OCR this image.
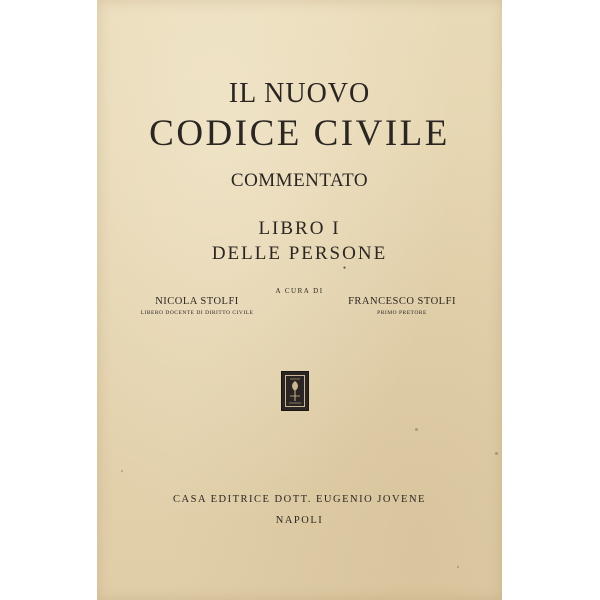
IL NUOVO
CODICE CIVILE
COMMENTATO
LIBRO I
DELLE PERSONE
●
A CURA DI
NICOLA STOLFI
LIBERO DOCENTE DI DIRITTO CIVILE
FRANCESCO STOLFI
PRIMO PRETORE
CASA EDITRICE DOTT. EUGENIO JOVENE
NAPOLI
